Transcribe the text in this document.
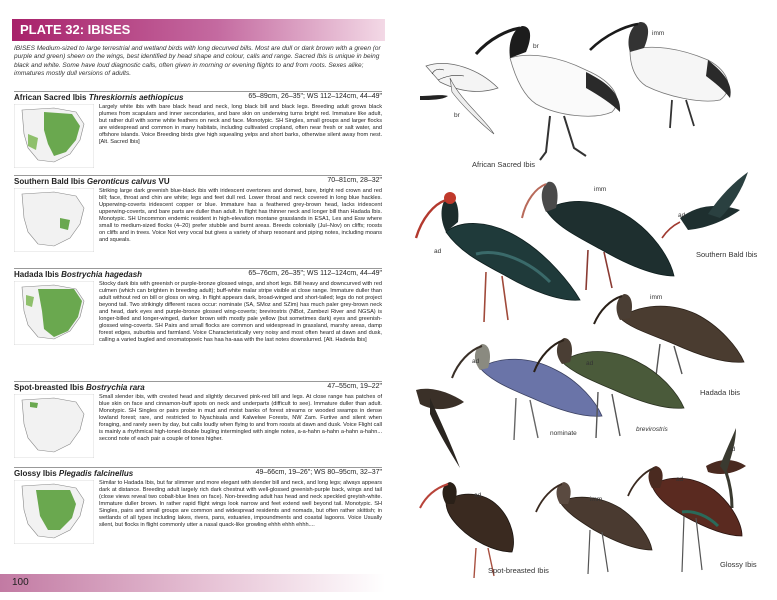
PLATE 32: IBISES
IBISES Medium-sized to large terrestrial and wetland birds with long decurved bills. Most are dull or dark brown with a green (or purple and green) sheen on the wings, best identified by head shape and colour, calls and range. Sacred Ibis is unique in being black and white. Some have loud diagnostic calls, often given in morning or evening flights to and from roots. Sexes alike; immatures mostly dull versions of adults.
African Sacred Ibis Threskiornis aethiopicus	65–89cm, 26–35"; WS 112–124cm, 44–49"
Largely white ibis with bare black head and neck, long black bill and black legs. Breeding adult grows black plumes from scapulars and inner secondaries, and bare skin on underwing turns bright red. Immature like adult, but rather dull with some white feathers on neck and face. Monotypic. SH Singles, small groups and larger flocks are widespread and common in many habitats, including cultivated cropland, often near fresh or salt water, and offshore islands. Voice Breeding birds give high squealing yelps and short barks, otherwise silent away from nest. [Alt. Sacred Ibis]
Southern Bald Ibis Geronticus calvus VU	70–81cm, 28–32"
Striking large dark greenish blue-black ibis with iridescent overtones and domed, bare, bright red crown and red bill; face, throat and chin are white; legs and feet dull red. Lower throat and neck covered in long blue hackles. Upperwing-coverts iridescent copper or blue. Immature has a feathered grey-brown head, lacks iridescent upperwing-coverts, and bare parts are duller than adult. In flight has thinner neck and longer bill than Hadada Ibis. Monotypic. SH Uncommon endemic resident in high-elevation montane grasslands in ESA1, Les and Esw where small to medium-sized flocks (4–20) prefer stubble and burnt areas. Breeds colonially (Jul–Nov) on cliffs; roosts on cliffs and in trees. Voice Not very vocal but gives a variety of sharp resonant and piping notes, including moans and squeals.
Hadada Ibis Bostrychia hagedash	65–76cm, 26–35"; WS 112–124cm, 44–49"
Stocky dark ibis with greenish or purple-bronze glossed wings, and short legs. Bill heavy and downcurved with red culmen (which can brighten in breeding adult); buff-white malar stripe visible at close range. Immature duller than adult without red on bill or gloss on wing. In flight appears dark, broad-winged and short-tailed; legs do not project beyond tail. Two strikingly different races occur: nominate (SA, SMoz and SZim) has much paler grey-brown neck and head, dark eyes and purple-bronze glossed wing-coverts; brevirostris (NBot, Zambezi River and NGSA) is longer-billed and longer-winged, darker brown with mostly pale yellow (but sometimes dark) eyes and greenish-glossed wing-coverts. SH Pairs and small flocks are common and widespread in grassland, marshy areas, damp forest edges, suburbia and farmland. Voice Characteristically very noisy and most often heard at dawn and dusk, calling a varied bugled and onomatopoeic has haa ha-aaa with the last notes downslurred. [Alt. Hadeda Ibis]
Spot-breasted Ibis Bostrychia rara	47–55cm, 19–22"
Small slender ibis, with crested head and slightly decurved pink-red bill and legs. At close range has patches of blue skin on face and cinnamon-buff spots on neck and underparts (difficult to see). Immature duller than adult. Monotypic. SH Singles or pairs probe in mud and moist banks of forest streams or wooded swamps in dense lowland forest; rare, and restricted to Nyachisala and Kalwelwe Forests, NW Zam. Furtive and silent when foraging, and rarely seen by day, but calls loudly when flying to and from roosts at dawn and dusk. Voice Flight call is mainly a rhythmical high-toned double bugling intermingled with single notes, a-a-hahn a-hahn a-hahn a-hahn... second note of each pair a couple of tones higher.
Glossy Ibis Plegadis falcinellus	49–66cm, 19–26"; WS 80–95cm, 32–37"
Similar to Hadada Ibis, but far slimmer and more elegant with slender bill and neck, and long legs; always appears dark at distance. Breeding adult largely rich dark chestnut with well-glossed greenish-purple back, wings and tail (close views reveal two cobalt-blue lines on face). Non-breeding adult has head and neck speckled greyish-white. Immature duller brown. In rather rapid flight wings look narrow and feet extend well beyond tail. Monotypic. SH Singles, pairs and small groups are common and widespread residents and nomads, but often rather skittish; in wetlands of all types including lakes, rivers, pans, estuaries, impoundments and coastal lagoons. Voice Usually silent, but flocks in flight commonly utter a nasal quack-like growling ehhh ehhh ehhh....
100
br
imm
br
African Sacred Ibis
imm
ad
ad
Southern Bald Ibis
imm
ad	ad
Hadada Ibis
nominate
brevirostris
ad
ad
imm
ad
Spot-breasted Ibis
Glossy Ibis
